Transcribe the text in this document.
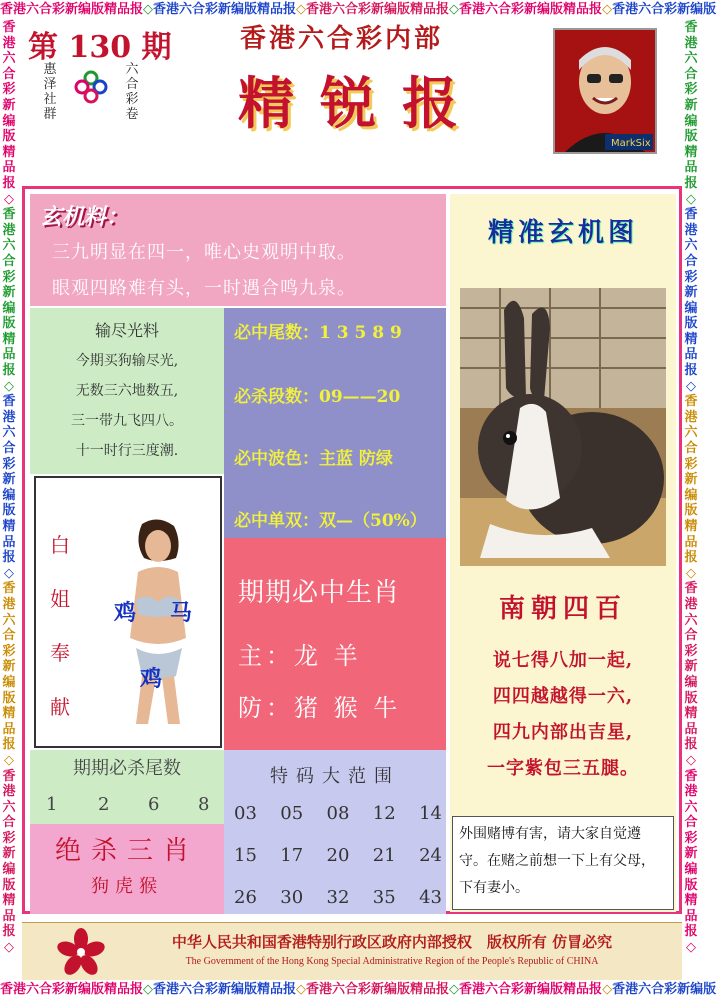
香港六合彩新编版精品报◇香港六合彩新编版精品报◇香港六合彩新编版精品报◇香港六合彩新编版精品报◇香港六合彩新编版
香港六合彩新编版精品报◇香港六合彩新编版精品报◇香港六合彩新编版精品报◇香港六合彩新编版精品报◇香港六合彩新编版
香
港
六
合
彩
新
编
版
精
品
报
◇
香
港
六
合
彩
新
编
版
精
品
报
◇
香
港
六
合
彩
新
编
版
精
品
报
◇
香
港
六
合
彩
新
编
版
精
品
报
◇
香
港
六
合
彩
新
编
版
精
品
报
◇
香
港
六
合
彩
新
编
版
精
品
报
◇
香
港
六
合
彩
新
编
版
精
品
报
◇
香
港
六
合
彩
新
编
版
精
品
报
◇
香
港
六
合
彩
新
编
版
精
品
报
◇
香
港
六
合
彩
新
编
版
精
品
报
◇
第 130 期
惠泽社群
六合彩卷
香港六合彩内部
精锐报
MarkSix
玄机料：
三九明显在四一，唯心史观明中取。
眼观四路难有头，一时遇合鸣九泉。
输尽光料
今期买狗输尽光,
无数三六地数五,
三一带九飞四八。
十一时行三度潮.
必中尾数：1 3 5 8 9
必杀段数：09——20
必中波色：主蓝 防绿
必中单双：双—（50%）
白
姐
奉
献
鸡 马
鸡
期期必中生肖
主：龙 羊
防：猪 猴 牛
期期必杀尾数
1 2 6 8
绝杀三肖
狗虎猴
特码大范围
03 05 08 12 14
15 17 20 21 24
26 30 32 35 43
精准玄机图
南朝四百
说七得八加一起,
四四越越得一六,
四九内部出吉星,
一字紫包三五腿。
外围赌博有害，请大家自觉遵守。在赌之前想一下上有父母，下有妻小。
中华人民共和国香港特别行政区政府内部授权　版权所有 仿冒必究
The Government of the Hong Kong Special Administrative Region of the People's Republic of CHINA
